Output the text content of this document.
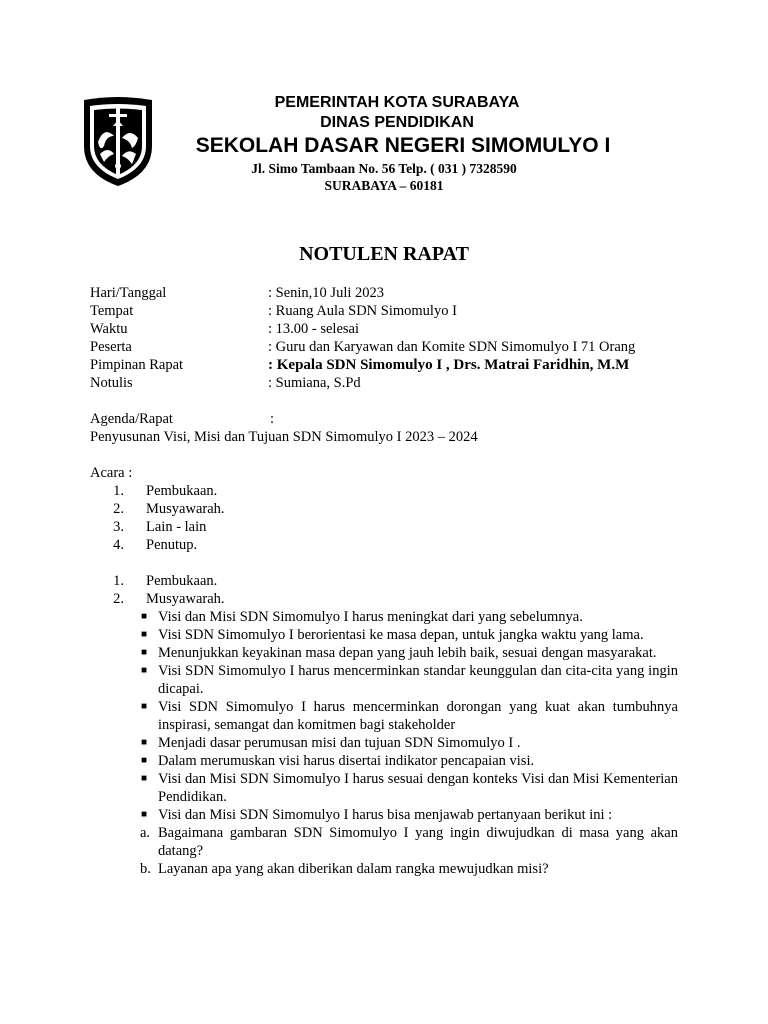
PEMERINTAH KOTA SURABAYA
DINAS PENDIDIKAN
SEKOLAH DASAR NEGERI SIMOMULYO I
Jl. Simo Tambaan No. 56 Telp. ( 031 ) 7328590
SURABAYA – 60181
NOTULEN RAPAT
Hari/Tanggal	: Senin,10 Juli 2023
Tempat	: Ruang Aula SDN Simomulyo I
Waktu	: 13.00 - selesai
Peserta	: Guru dan Karyawan dan Komite SDN Simomulyo I 71 Orang
Pimpinan Rapat	: Kepala SDN Simomulyo I , Drs. Matrai Faridhin, M.M
Notulis	: Sumiana, S.Pd
Agenda/Rapat	:
Penyusunan Visi, Misi dan Tujuan SDN Simomulyo I 2023 – 2024
Acara :
1. Pembukaan.
2. Musyawarah.
3. Lain - lain
4. Penutup.
1. Pembukaan.
2. Musyawarah.
■ Visi dan Misi SDN Simomulyo I harus meningkat dari yang sebelumnya.
■ Visi SDN Simomulyo I berorientasi ke masa depan, untuk jangka waktu yang lama.
■ Menunjukkan keyakinan masa depan yang jauh lebih baik, sesuai dengan masyarakat.
■ Visi SDN Simomulyo I harus mencerminkan standar keunggulan dan cita-cita yang ingin dicapai.
■ Visi SDN Simomulyo I harus mencerminkan dorongan yang kuat akan tumbuhnya inspirasi, semangat dan komitmen bagi stakeholder
■ Menjadi dasar perumusan misi dan tujuan SDN Simomulyo I .
■ Dalam merumuskan visi harus disertai indikator pencapaian visi.
■ Visi dan Misi SDN Simomulyo I harus sesuai dengan konteks Visi dan Misi Kementerian Pendidikan.
■ Visi dan Misi SDN Simomulyo I harus bisa menjawab pertanyaan berikut ini :
a. Bagaimana gambaran SDN Simomulyo I yang ingin diwujudkan di masa yang akan datang?
b. Layanan apa yang akan diberikan dalam rangka mewujudkan misi?
